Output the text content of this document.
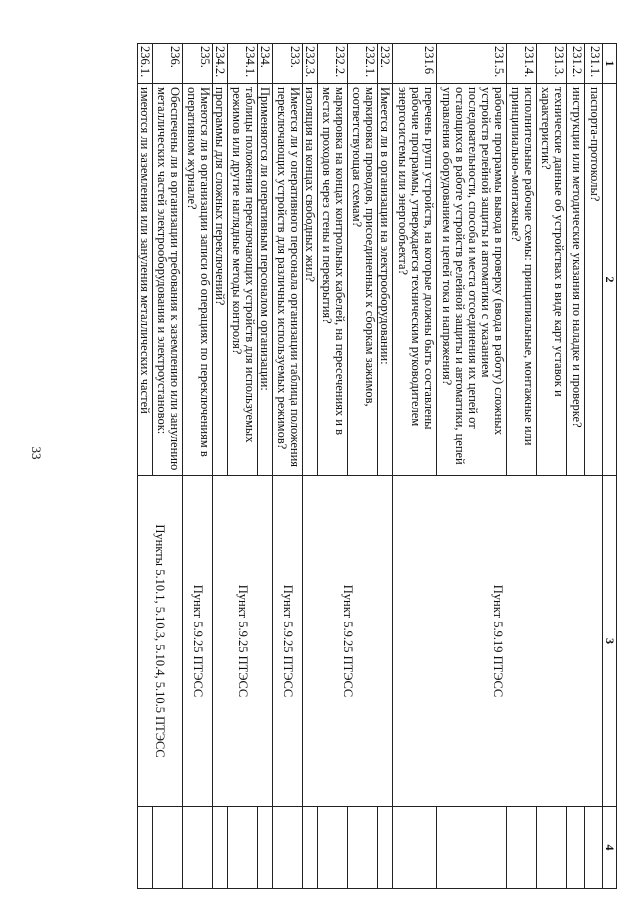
33
1	2	3	4
231.1.	паспорта-протоколы?	Пункт 5.9.19 ПТЭСС	
231.2.	инструкции или методические указания по наладке и проверке?		
231.3.	технические данные об устройствах в виде карт уставок и характеристик?		
231.4.	исполнительные рабочие схемы: принципиальные, монтажные или принципиально-монтажные?		
231.5.	рабочие программы вывода в проверку (ввода в работу) сложных устройств релейной защиты и автоматики с указанием последовательности, способа и места отсоединения их цепей от остающихся в работе устройств релейной защиты и автоматики, цепей управления оборудованием и цепей тока и напряжения?		
231.6	перечень групп устройств, на которые должны быть составлены рабочие программы, утверждается техническим руководителем энергосистемы или энергообъекта?		
232.	Имеется ли в организации на электрооборудовании:	Пункт 5.9.25 ПТЭСС	
232.1.	маркировка проводов, присоединенных к сборкам зажимов, соответствующая схемам?		
232.2.	маркировка на концах контрольных кабелей, на пересечениях и в местах проходов через стены и перекрытия?		
232.3.	изоляция на концах свободных жил?		
233.	Имеется ли у оперативного персонала организации таблица положения переключающих устройств для различных используемых режимов?	Пункт 5.9.25 ПТЭСС	
234.	Применяются ли оперативным персоналом организации:	Пункт 5.9.25 ПТЭСС	
234.1.	таблицы положения переключающих устройств для используемых режимов или другие наглядные методы контроля?		
234.2.	программы для сложных переключений?		
235.	Имеются ли в организации записи об операциях по переключениям в оперативном журнале?	Пункт 5.9.25 ПТЭСС	
236.	Обеспечены ли в организации требования к заземлению или занулению металлических частей электрооборудования и электроустановок:	Пункты 5.10.1, 5.10.3, 5.10.4, 5.10.5 ПТЭСС	
236.1.	имеются ли заземления или зануления металлических частей		
